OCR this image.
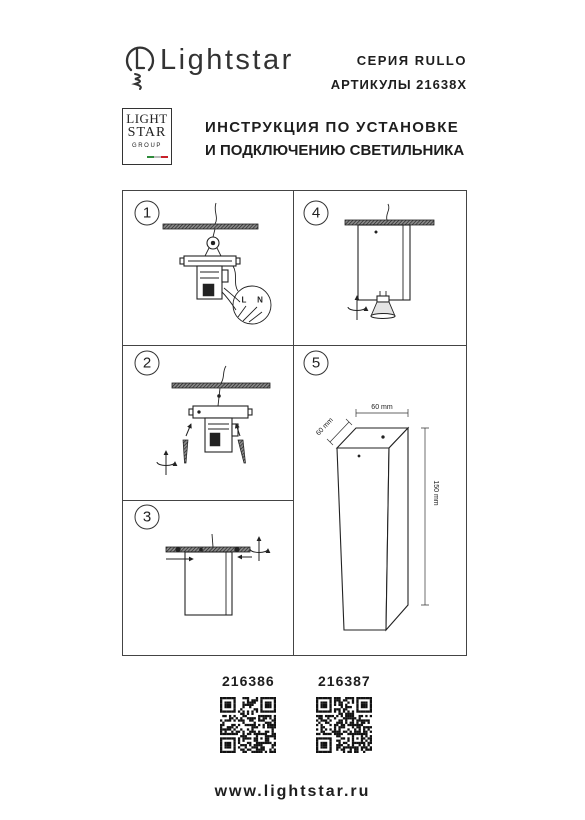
Lightstar	СЕРИЯ RULLO
АРТИКУЛЫ 21638X
LIGHT
STAR
GROUP
ИНСТРУКЦИЯ ПО УСТАНОВКЕ
И ПОДКЛЮЧЕНИЮ СВЕТИЛЬНИКА
1
L N
4
2	5
60 mm
60 mm
150 mm
3
216386	216387
www.lightstar.ru
